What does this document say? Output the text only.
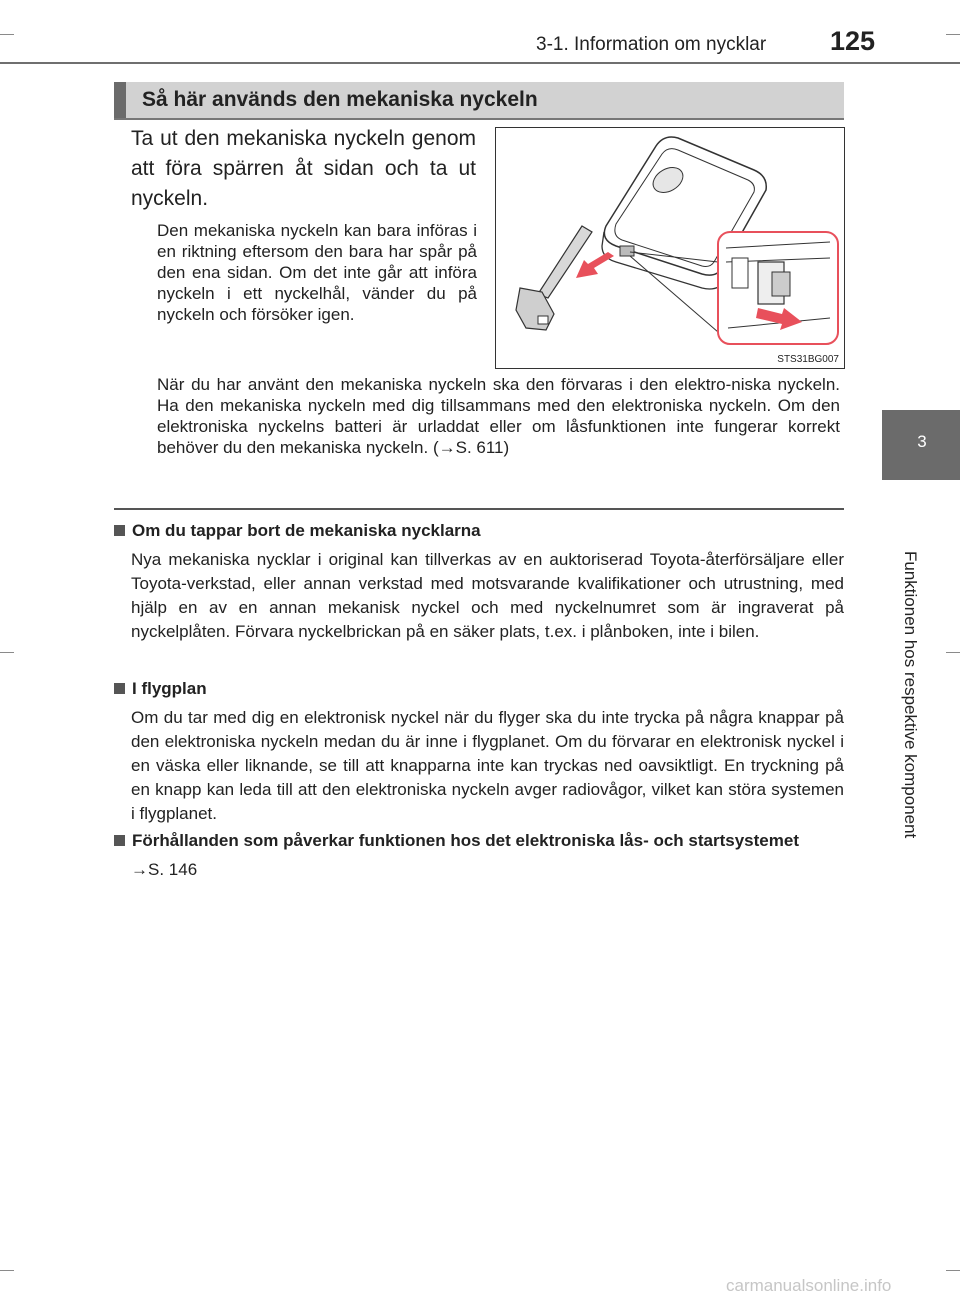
3-1. Information om nycklar 125
3
Funktionen hos respektive komponent
Så här används den mekaniska nyckeln
Ta ut den mekaniska nyckeln genom att föra spärren åt sidan och ta ut nyckeln.
Den mekaniska nyckeln kan bara införas i en riktning eftersom den bara har spår på den ena sidan. Om det inte går att införa nyckeln i ett nyckelhål, vänder du på nyckeln och försöker igen.
STS31BG007
När du har använt den mekaniska nyckeln ska den förvaras i den elektro-niska nyckeln. Ha den mekaniska nyckeln med dig tillsammans med den elektroniska nyckeln. Om den elektroniska nyckelns batteri är urladdat eller om låsfunktionen inte fungerar korrekt behöver du den mekaniska nyckeln. (→S. 611)
Om du tappar bort de mekaniska nycklarna
Nya mekaniska nycklar i original kan tillverkas av en auktoriserad Toyota-återförsäljare eller Toyota-verkstad, eller annan verkstad med motsvarande kvalifikationer och utrustning, med hjälp en av en annan mekanisk nyckel och med nyckelnumret som är ingraverat på nyckelplåten. Förvara nyckelbrickan på en säker plats, t.ex. i plånboken, inte i bilen.
I flygplan
Om du tar med dig en elektronisk nyckel när du flyger ska du inte trycka på några knappar på den elektroniska nyckeln medan du är inne i flygplanet. Om du förvarar en elektronisk nyckel i en väska eller liknande, se till att knapparna inte kan tryckas ned oavsiktligt. En tryckning på en knapp kan leda till att den elektroniska nyckeln avger radiovågor, vilket kan störa systemen i flygplanet.
Förhållanden som påverkar funktionen hos det elektroniska lås- och startsystemet
→S. 146
carmanualsonline.info
